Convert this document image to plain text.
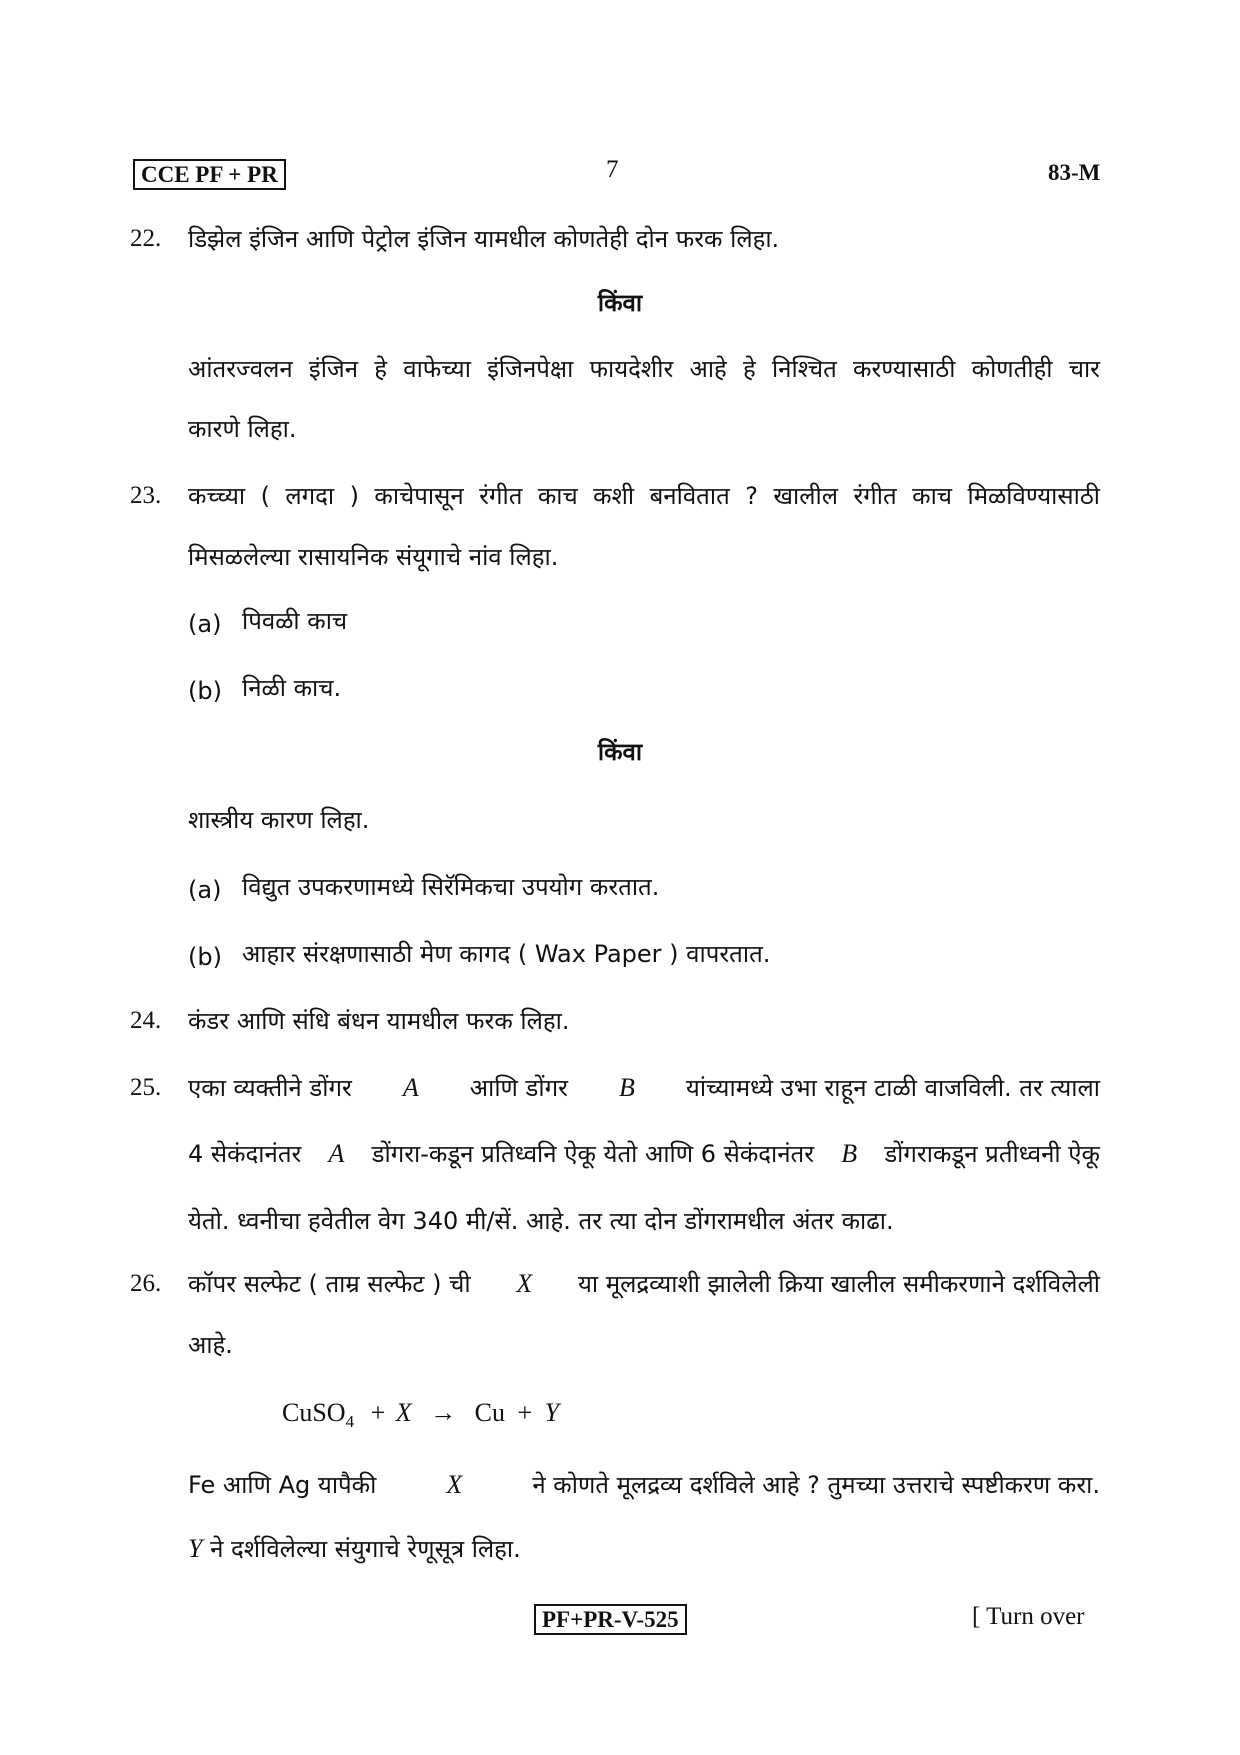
CCE PF + PR	7	83-M
22. डिझेल इंजिन आणि पेट्रोल इंजिन यामधील कोणतेही दोन फरक लिहा.
किंवा
आंतरज्वलन इंजिन हे वाफेच्या इंजिनपेक्षा फायदेशीर आहे हे निश्चित करण्यासाठी कोणतीही चार
कारणे लिहा.
23. कच्च्या ( लगदा ) काचेपासून रंगीत काच कशी बनवितात ? खालील रंगीत काच मिळविण्यासाठी
मिसळलेल्या रासायनिक संयूगाचे नांव लिहा.
(a) पिवळी काच
(b) निळी काच.
किंवा
शास्त्रीय कारण लिहा.
(a) विद्युत उपकरणामध्ये सिरॅमिकचा उपयोग करतात.
(b) आहार संरक्षणासाठी मेण कागद ( Wax Paper ) वापरतात.
24. कंडर आणि संधि बंधन यामधील फरक लिहा.
25. एका व्यक्तीने डोंगर A आणि डोंगर B यांच्यामध्ये उभा राहून टाळी वाजविली. तर त्याला
4 सेकंदानंतर A डोंगरा-कडून प्रतिध्वनि ऐकू येतो आणि 6 सेकंदानंतर B डोंगराकडून प्रतीध्वनी ऐकू
येतो. ध्वनीचा हवेतील वेग 340 मी/सें. आहे. तर त्या दोन डोंगरामधील अंतर काढा.
26. कॉपर सल्फेट ( ताम्र सल्फेट ) ची X या मूलद्रव्याशी झालेली क्रिया खालील समीकरणाने दर्शविलेली
आहे.
CuSO$_4$ + X → Cu + Y
Fe आणि Ag यापैकी	X	ने कोणते मूलद्रव्य दर्शविले आहे ? तुमच्या उत्तराचे स्पष्टीकरण करा.
Y ने दर्शविलेल्या संयुगाचे रेणूसूत्र लिहा.
PF+PR-V-525	[ Turn over
